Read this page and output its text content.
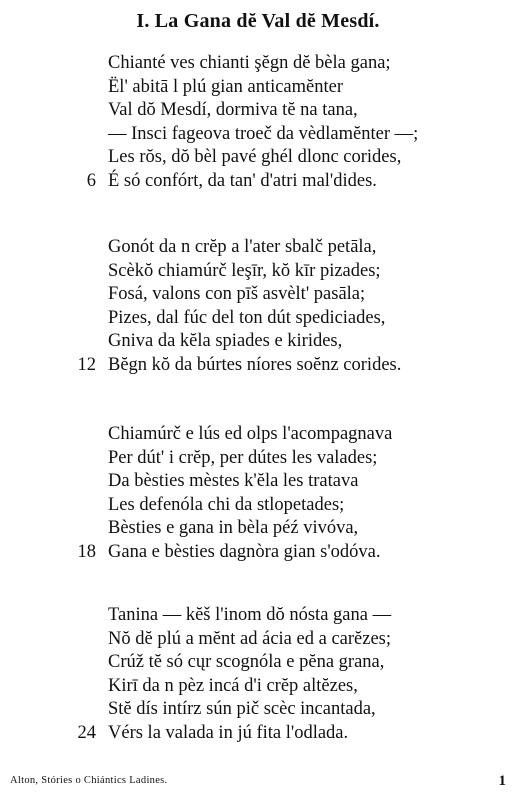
I. La Gana dĕ Val dĕ Mesdí.
Chianté ves chianti şĕgn dĕ bèla gana;
Ël' abitā l plú gian anticamĕnter
Val dŏ Mesdí, dormiva tĕ na tana,
— Insci fageova troeč da vèdlamĕnter —;
Les rŏs, dŏ bèl pavé ghél dlonc corides,
6 É só confórt, da tan' d'atri mal'dides.
Gonót da n crĕp a l'ater sbalč petāla,
Scèkŏ chiamúrč leşīr, kŏ kīr pizades;
Fosá, valons con pīš asvèlt' pasāla;
Pizes, dal fúc del ton dút spediciades,
Gniva da kĕla spiades e kirides,
12 Bĕgn kŏ da búrtes níores soĕnz corides.
Chiamúrč e lús ed olps l'acompagnava
Per dút' i crĕp, per dútes les valades;
Da bèsties mèstes k'ĕla les tratava
Les defenóla chi da stlopetades;
Bèsties e gana in bèla péź vivóva,
18 Gana e bèsties dagnòra gian s'odóva.
Tanina — kĕš l'inom dŏ nósta gana —
Nŏ dĕ plú a mĕnt ad ácia ed a carĕzes;
Crúž tĕ só cųr scognóla e pĕna grana,
Kirī da n pèz incá d'i crĕp altĕzes,
Stĕ dís intírz sún pič scèc incantada,
24 Vérs la valada in jú fita l'odlada.
Alton, Stóries o Chiántics Ladines.	1
